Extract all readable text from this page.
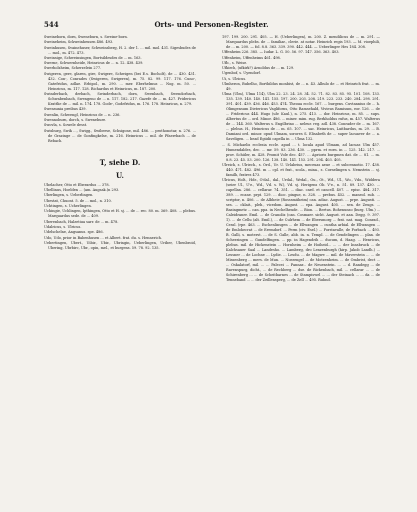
544	Orts- und Personen-Register.
Sweineborn, dorn, Sweneburn, s. Sweine-born.
Sweineheim, Sckweinheusen 486. 493.
Sweinhusen, Svainehuser, Schweinsberg, H. 2. der 1. ... mil. mol. 431. Sigesbudes de ... mol., m. 472. 473.
Sweinsige, Schweinsingen, Bortsildesdes de ... m. 163.
Swerne, Schwernheide, Heinricus de ... n. 12. 438. 439.
Swerholzheim, Scherzelein 277.
Swigeren, gere, glaren, gire, Swigere, Schwigen (bei E.s. Bocholt), de ... 430. 431. 432. Con-, Conrades (Swigeren, Swigeren), m. 75. 82. 99. 117. 176. Cuno-, Gatefridus, adlae. Erbipol., m. 290. ... mer. Eberhelmus ... Nog. m. 50. ... Heinricus, m. 117. 128. Richardus et Heinricus, m. 187. 200.
Swinderbach, derbach, Swinderbach, dorn, Swenbach, Swendorbach, Schwabenbach, Swengeno de ... n. 117. 182. 217. Gazefe de ... m. 427. Fridericus Krattlie de ... mil. n. 174. 178. Gode-, Godefridus, m. 176. 178. Heinricus, n. 279.
Swensunia preibus 439.
Swenlin, Schwengl, Heinricus de ... n. 236.
Swennoburn, dorch, s. Swenebure.
Swovla, s. Sowele desst.
Swisburg, Swik ..., Swigg., Swiberse, Schsigone, mil. 486. ... prothonotar, n. 276. ... de Grazinge ... de Gonfingkelse, m. 216. Heinricus ... mil. de Pfaerrbach ... de Rebach.
T, siehe D.
U.
Ubelacher, Otto et Eberardus ... 378.
Ubellinus, Hoelden ... (am. Augsak.)n 293.
Uberlingen, s. Ueberlingen.
Ubestat, Chuont. 5. de ... mol., n. 310.
Uchtingen, s. Ucherlingen.
Uchingie, Uchlingen, Ipthingen, Otto et H. sj. ... de ... rec. 80. m. 369. 408. ... plebus. Marquardus sede. de ... 409.
Uberenbach, Halzetiua sarr. de ... m. 478.
Udalricus, s. Ulricus.
Udelschelne, Angsanus. spe. 486.
Udo, Udo, prior in Babenhusen ... et Albert. frat. du. s. Hennerich.
Uebertingen, Ubert., Uibir., Ubir., Ubringin, Ueberlingen, Uriber, Ubenbroid, Ubering, Ubrbirc, Ubr., opin, mel., et burgens. 59. 78. 92. 135.
197. 199. 200. 291. 405. — H. (Ueberlingen), m. 200. Z. mendilicus de ... m. 291. — Marquardus plebs. de ... familiar., clerie. at notar. Heinrich regis 193. — M. vioephili, de ... m. 200. — fol. 8.8. 363. 339. 390. 442. 444. — Ueberlinger Hes 184. 308.
Uffenheim 226. 385. — Iudar. L. G. 50. 56. 97. 147. 356. 363. 403.
Uffenheim, Uffenheims 461. 498.
Ufb., s. Weise.
Ufkirch, (ufkirk?) Arnoldus de ... m. 129.
Ugenbof, s. Uyendorf.
Ui, s. Ulricus.
Ulmheron, Bubelho, Borthildus monbist, de ... n. 43. Albulo de ... et Heinrich frat. ... m. 49.
Ulma (Ulm), Ulma 114), Ulm 22. 23. 24. 28. 34. 52. 71. 82. 83. 85. 95. 101. 108. 133. 135. 139. 140. 140. 141. 155. 197. 200. 203. 208. 219. 223. 233. 240. 284. 298. 291. 391. 401. 439. 436. 446. 453. 474. Theoua eccle. 167. ... burgens. Cuvtannius de ... h. Olimgensum Dietericus Vagliforns, Otto Ramsehald, Vivieus Ramisum, eor. 126. ... de ... Fridericus 444. Hugo (ulv. Kaul.), n. 275. 413. ... dor. Heinricus, m. 85. ... sups. Albertus de ... ord. Minor. 486. ... miner. mim. rug. Berkholdus rufus, m. 457. Walterus de ... 144. 360. Walterus s. Engilbrino ... neleur. reg. adl. 438. Conrader de ... m. 167. ... plebus. H., Heinricus de ... m. 65. 107. ... sac. Heinricus, Luitbardus, m. 29. ... B. Damiani ord. minor. opud Ulmam, sorores S. Elisabeth de ... super lacuaver de ... a. Saveligen. ... bead Egiidii capella in ... Ulma 132.
... S. Michaelis ecclesia eccle. apud ... t. locala apud Ulmam, ad lacuas Ulm 457. Humendaldes, dec. ... mr. 59. 83. 236. 430. ... pprm. et eorn. in ... 125. 142. 217. ... prov. Schüler, m. 428. Promit Vole dec. 457. ... Aprioris burgmen dat. de ... 81. ... m. 8.8. 23. 45. 53. 200. 126. 138. 140. 141. 153. 291. 294. 403. 405.
Ulreich, s. Ulriech., s. Ord., Ur. U. Urlabrius, meceuas aeue ... et subcennotio. 17. 438. 440. 471. 482. 496. m ... cpl. et frat., scola., mina., s. Cornelingen s. Nemstein ... sj. familh, fratres 473.
Ulricus, Holt., Hdr., O'dal., dal., Urdal., Wrdal., Ou., Ot., Wd., Ul., Wo., Vdo., Widdera (seier Ul., U'e., Wd., Vd. s. W.), Vd. sj. Herigens Ob. V'e., n. 51. 89. 137. 430. ... capellan. 286. ... cellarar. 74. 351. ... diac. card. et cancell. 407. ... episc. 484. 317. 389. ... ecane. prpt. 129. ... dioc. pingue, n. 328. ... prebus. 452. ... maneol. sub. ... scriptor, n. 406. ... de Albheie (Rosssmüheim) can. adiac. August. ... prpe. Augusti. ... ses. ... cklait., pleb., vicedom. August. ... epa. August. 405. ... sen. de Zeugs. ... Basingmetz ... can. ppa. in Nechelheude. ... Bion. ... Bertus. Bohenunso (burg. Ulm.) ... Caleidraner. Emil. ... de Cranoliz (can. Cosmaer. sicht. August. et aan. Degg. 9. 397. 1). ... de Cellu (alt. Emil.), ... de Culrhem ... de Ebersmorg ... frat. nat. mag. Conrad., Cessl. (rpe. 463. ... Eschenlinsgen ... de Ellwangen ... cuntha arbial. de Ellwangen ... de Emlohecrat ... de Eremdorf. ... Ferm (civ. Esel.) ... Forstavalle, de Forbach ... 493. B. Galli, s. moterst. ... de S. Galle, abb. in. n. Templ. ... de Gendelingen ... plan. de Scherzingen ... Gundelfingen. ... pp. in Hagendrih ... ducum, d. Haag. ... Henricus, plebus. mil. de Hickenstein ... Hornheim ... de Hoiheid... ... ... der Innsbruck ... de Kalchsauer Saal ... Landesho. ... Lamberg, dro Lenzenburgh (kirp. Jakob Landh.) ... Lessner ... de Lochne ... Lydie. ... Lesdu. ... de Magwe ... mil. de Maverstein ... ... de Missenberg ... mers. de Mun. ... Norzengel ... de Motzenheim. ... de Ombrist, dect ... ... Oskalatorf, mil. ... ... Palecei ... Pannar... de Neuenstein. ... ... d. Randegg ... de Ravenspurg, dicht., ... de Rechberg ... dse. de Rickenbach, mil. ... cellarar ... ... de Schirenberg ... ... de Scheitbarnes ... de Stampiswel ... ... der Steinach ... ... da ... de Tenneband ... ... der Zeillensperg, ... de Zell ... 495. Ruhnd.
